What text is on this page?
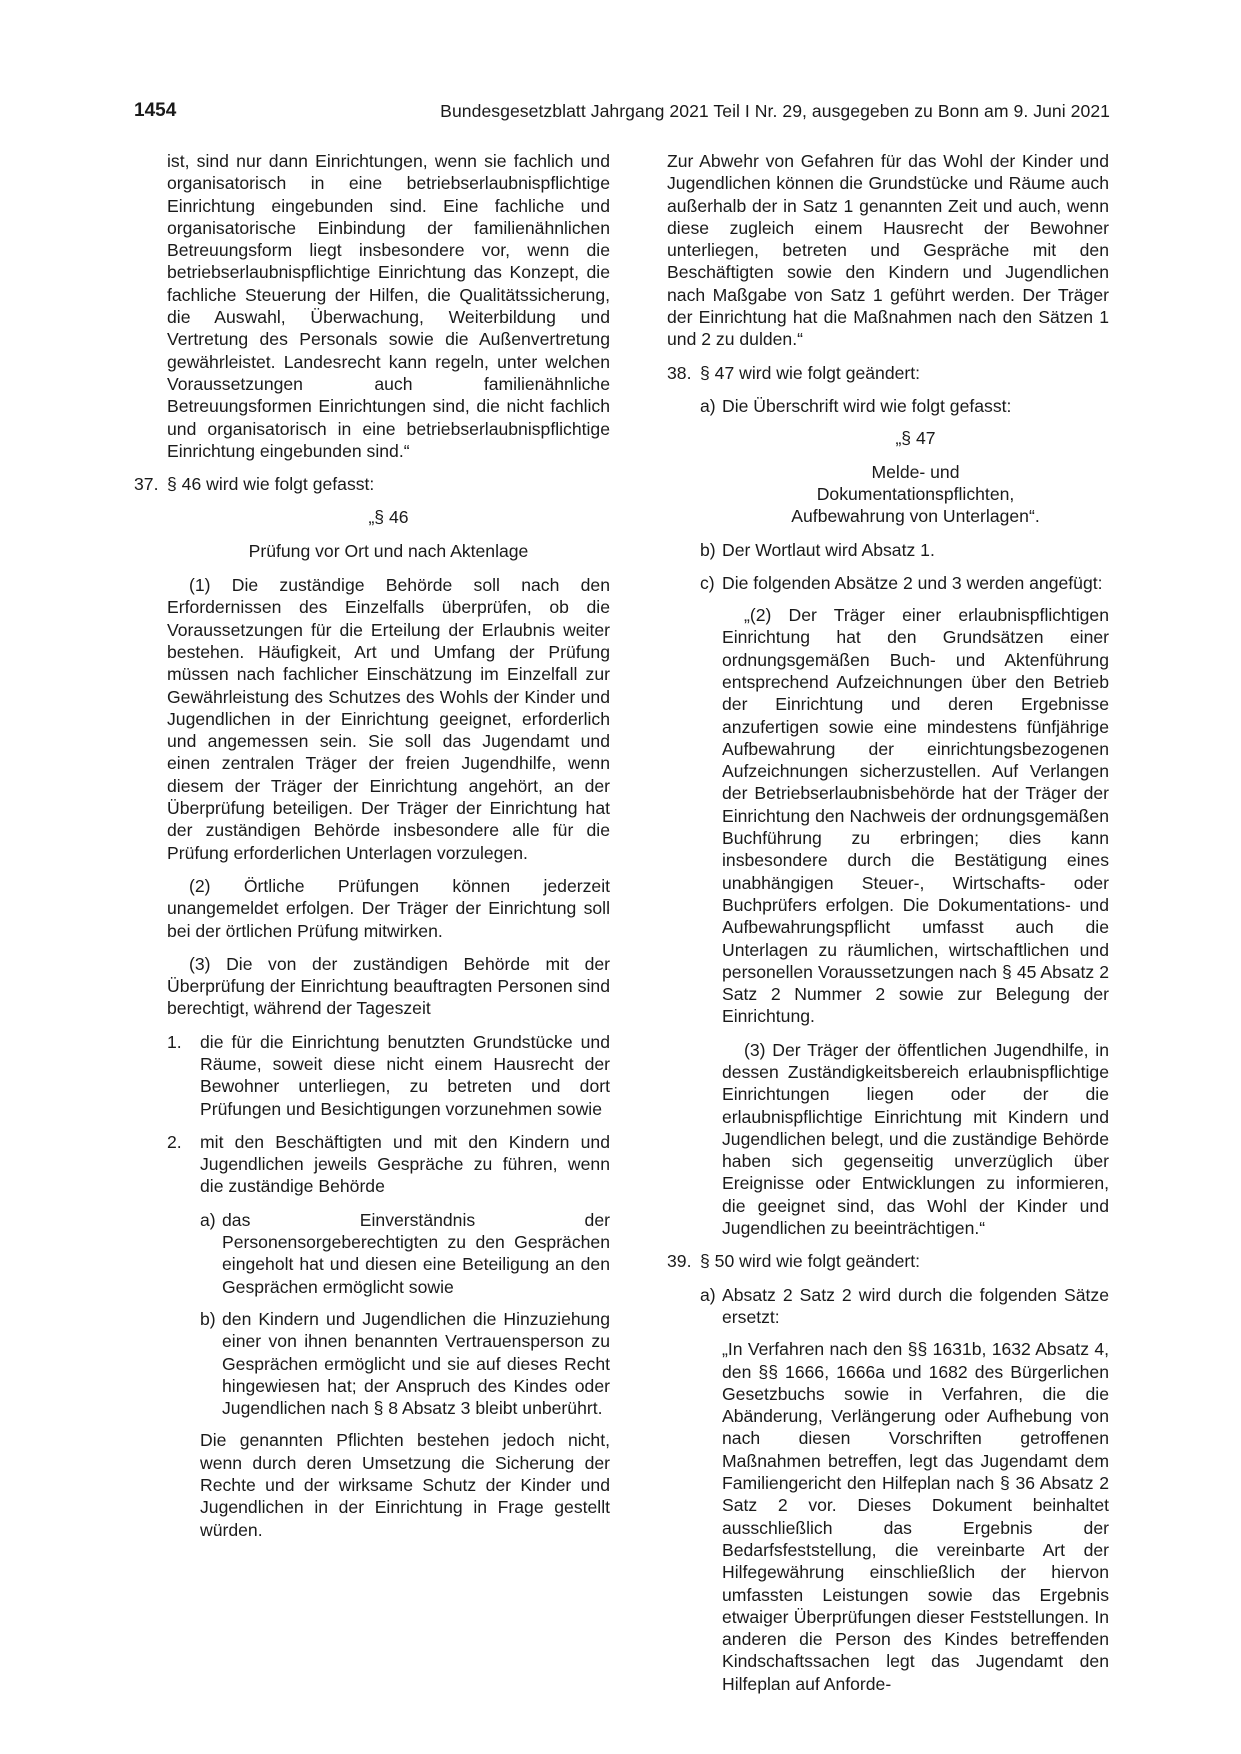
1454	Bundesgesetzblatt Jahrgang 2021 Teil I Nr. 29, ausgegeben zu Bonn am 9. Juni 2021

ist, sind nur dann Einrichtungen, wenn sie fachlich und organisatorisch in eine betriebserlaubnispflichtige Einrichtung eingebunden sind. Eine fachliche und organisatorische Einbindung der familienähnlichen Betreuungsform liegt insbesondere vor, wenn die betriebserlaubnispflichtige Einrichtung das Konzept, die fachliche Steuerung der Hilfen, die Qualitätssicherung, die Auswahl, Überwachung, Weiterbildung und Vertretung des Personals sowie die Außenvertretung gewährleistet. Landesrecht kann regeln, unter welchen Voraussetzungen auch familienähnliche Betreuungsformen Einrichtungen sind, die nicht fachlich und organisatorisch in eine betriebserlaubnispflichtige Einrichtung eingebunden sind.“

37. § 46 wird wie folgt gefasst:

„§ 46

Prüfung vor Ort und nach Aktenlage

(1) Die zuständige Behörde soll nach den Erfordernissen des Einzelfalls überprüfen, ob die Voraussetzungen für die Erteilung der Erlaubnis weiter bestehen. Häufigkeit, Art und Umfang der Prüfung müssen nach fachlicher Einschätzung im Einzelfall zur Gewährleistung des Schutzes des Wohls der Kinder und Jugendlichen in der Einrichtung geeignet, erforderlich und angemessen sein. Sie soll das Jugendamt und einen zentralen Träger der freien Jugendhilfe, wenn diesem der Träger der Einrichtung angehört, an der Überprüfung beteiligen. Der Träger der Einrichtung hat der zuständigen Behörde insbesondere alle für die Prüfung erforderlichen Unterlagen vorzulegen.

(2) Örtliche Prüfungen können jederzeit unangemeldet erfolgen. Der Träger der Einrichtung soll bei der örtlichen Prüfung mitwirken.

(3) Die von der zuständigen Behörde mit der Überprüfung der Einrichtung beauftragten Personen sind berechtigt, während der Tageszeit

1.	die für die Einrichtung benutzten Grundstücke und Räume, soweit diese nicht einem Hausrecht der Bewohner unterliegen, zu betreten und dort Prüfungen und Besichtigungen vorzunehmen sowie
2.	mit den Beschäftigten und mit den Kindern und Jugendlichen jeweils Gespräche zu führen, wenn die zuständige Behörde
a) das Einverständnis der Personensorgeberechtigten zu den Gesprächen eingeholt hat und diesen eine Beteiligung an den Gesprächen ermöglicht sowie
b) den Kindern und Jugendlichen die Hinzuziehung einer von ihnen benannten Vertrauensperson zu Gesprächen ermöglicht und sie auf dieses Recht hingewiesen hat; der Anspruch des Kindes oder Jugendlichen nach § 8 Absatz 3 bleibt unberührt.

Die genannten Pflichten bestehen jedoch nicht, wenn durch deren Umsetzung die Sicherung der Rechte und der wirksame Schutz der Kinder und Jugendlichen in der Einrichtung in Frage gestellt würden.

Zur Abwehr von Gefahren für das Wohl der Kinder und Jugendlichen können die Grundstücke und Räume auch außerhalb der in Satz 1 genannten Zeit und auch, wenn diese zugleich einem Hausrecht der Bewohner unterliegen, betreten und Gespräche mit den Beschäftigten sowie den Kindern und Jugendlichen nach Maßgabe von Satz 1 geführt werden. Der Träger der Einrichtung hat die Maßnahmen nach den Sätzen 1 und 2 zu dulden.“

38. § 47 wird wie folgt geändert:
a) Die Überschrift wird wie folgt gefasst:

„§ 47

Melde- und

Dokumentationspflichten,

Aufbewahrung von Unterlagen“.

b) Der Wortlaut wird Absatz 1.
c) Die folgenden Absätze 2 und 3 werden angefügt:

„(2) Der Träger einer erlaubnispflichtigen Einrichtung hat den Grundsätzen einer ordnungsgemäßen Buch- und Aktenführung entsprechend Aufzeichnungen über den Betrieb der Einrichtung und deren Ergebnisse anzufertigen sowie eine mindestens fünfjährige Aufbewahrung der einrichtungsbezogenen Aufzeichnungen sicherzustellen. Auf Verlangen der Betriebserlaubnisbehörde hat der Träger der Einrichtung den Nachweis der ordnungsgemäßen Buchführung zu erbringen; dies kann insbesondere durch die Bestätigung eines unabhängigen Steuer-, Wirtschafts- oder Buchprüfers erfolgen. Die Dokumentations- und Aufbewahrungspflicht umfasst auch die Unterlagen zu räumlichen, wirtschaftlichen und personellen Voraussetzungen nach § 45 Absatz 2 Satz 2 Nummer 2 sowie zur Belegung der Einrichtung.

(3) Der Träger der öffentlichen Jugendhilfe, in dessen Zuständigkeitsbereich erlaubnispflichtige Einrichtungen liegen oder der die erlaubnispflichtige Einrichtung mit Kindern und Jugendlichen belegt, und die zuständige Behörde haben sich gegenseitig unverzüglich über Ereignisse oder Entwicklungen zu informieren, die geeignet sind, das Wohl der Kinder und Jugendlichen zu beeinträchtigen.“

39. § 50 wird wie folgt geändert:
a) Absatz 2 Satz 2 wird durch die folgenden Sätze ersetzt:

„In Verfahren nach den §§ 1631b, 1632 Absatz 4, den §§ 1666, 1666a und 1682 des Bürgerlichen Gesetzbuchs sowie in Verfahren, die die Abänderung, Verlängerung oder Aufhebung von nach diesen Vorschriften getroffenen Maßnahmen betreffen, legt das Jugendamt dem Familiengericht den Hilfeplan nach § 36 Absatz 2 Satz 2 vor. Dieses Dokument beinhaltet ausschließlich das Ergebnis der Bedarfsfeststellung, die vereinbarte Art der Hilfegewährung einschließlich der hiervon umfassten Leistungen sowie das Ergebnis etwaiger Überprüfungen dieser Feststellungen. In anderen die Person des Kindes betreffenden Kindschaftssachen legt das Jugendamt den Hilfeplan auf Anforde-
